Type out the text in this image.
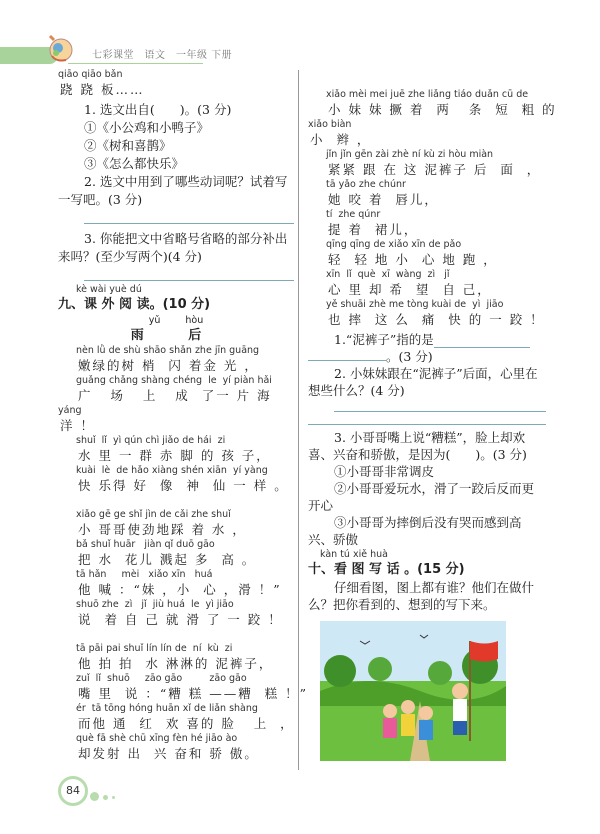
七彩课堂　语文　一年级 下册
qiāo qiāo bǎn
跷 跷 板……
1. 选文出自(　　)。(3 分)
①《小公鸡和小鸭子》
②《树和喜鹊》
③《怎么都快乐》
2. 选文中用到了哪些动词呢？试着写一写吧。(3 分)
3. 你能把文中省略号省略的部分补出来吗？(至少写两个)(4 分)
kè wài yuè dú
九、课 外 阅 读。(10 分)
yǔ hòu
雨 后
nèn lǜ de shù shāo shǎn zhe jīn guāng
嫩绿的树 梢  闪 着金 光 ，
guǎng chǎng shàng chéng  le  yí piàn hǎi
广   场   上   成  了一 片 海
yáng
洋 ！
shuǐ  lǐ  yì qún chì jiǎo de hái  zi
水 里 一 群 赤 脚 的 孩 子，
kuài  lè  de hǎo xiàng shén xiān  yí yàng
快 乐得 好  像  神  仙 一 样 。
xiǎo gē ge shǐ jìn de cǎi zhe shuǐ
小 哥哥使劲地踩 着 水 ，
bǎ shuǐ huār   jiàn qǐ duō gāo
把 水  花儿 溅起 多  高 。
tā hǎn     mèi   xiǎo xīn   huá
他 喊 ：“妹 ，小  心 ，滑 ！”
shuō zhe  zì   jǐ  jiù huá  le  yì jiāo
说  着 自 己 就 滑 了 一 跤 ！
tā pāi pai shuǐ lín lín de  ní  kù  zi
他 拍 拍  水 淋淋的 泥裤子，
zuǐ  lǐ  shuō     zāo gāo         zāo gāo
嘴 里  说 ：“糟 糕 ——糟  糕 ！”
ér  tā tōng hóng huān xǐ de liǎn shàng
而他 通  红  欢 喜的 脸   上  ，
què fā shè chū xīng fèn hé jiāo ào
却发射 出  兴 奋和 骄 傲。
xiǎo mèi mei juē zhe liǎng tiáo duǎn cū de
小 妹 妹 撅 着  两   条  短  粗 的
xiǎo biàn
小  辫 ，
jǐn jǐn gēn zài zhè ní kù zi hòu miàn
紧紧 跟 在 这 泥裤子 后  面  ，
tā yǎo zhe chúnr
她 咬 着  唇儿，
tí  zhe qúnr
提 着  裙儿，
qīng qīng de xiǎo xīn de pǎo
轻  轻 地 小  心 地 跑 ，
xīn  lǐ  què  xī  wàng  zì   jǐ
心 里 却 希  望  自 己，
yě shuāi zhè me tòng kuài de  yì  jiāo
也 摔  这 么  痛  快 的 一 跤 ！
1.“泥裤子”指的是
。(3 分)
2. 小妹妹跟在“泥裤子”后面，心里在想些什么？(4 分)
3. 小哥哥嘴上说“糟糕”，脸上却欢喜、兴奋和骄傲，是因为(　　)。(3 分)
①小哥哥非常调皮
②小哥哥爱玩水，滑了一跤后反而更开心
③小哥哥为摔倒后没有哭而感到高兴、骄傲
kàn tú xiě huà
十、看 图 写 话 。(15 分)
仔细看图，图上都有谁？他们在做什么？把你看到的、想到的写下来。
84
